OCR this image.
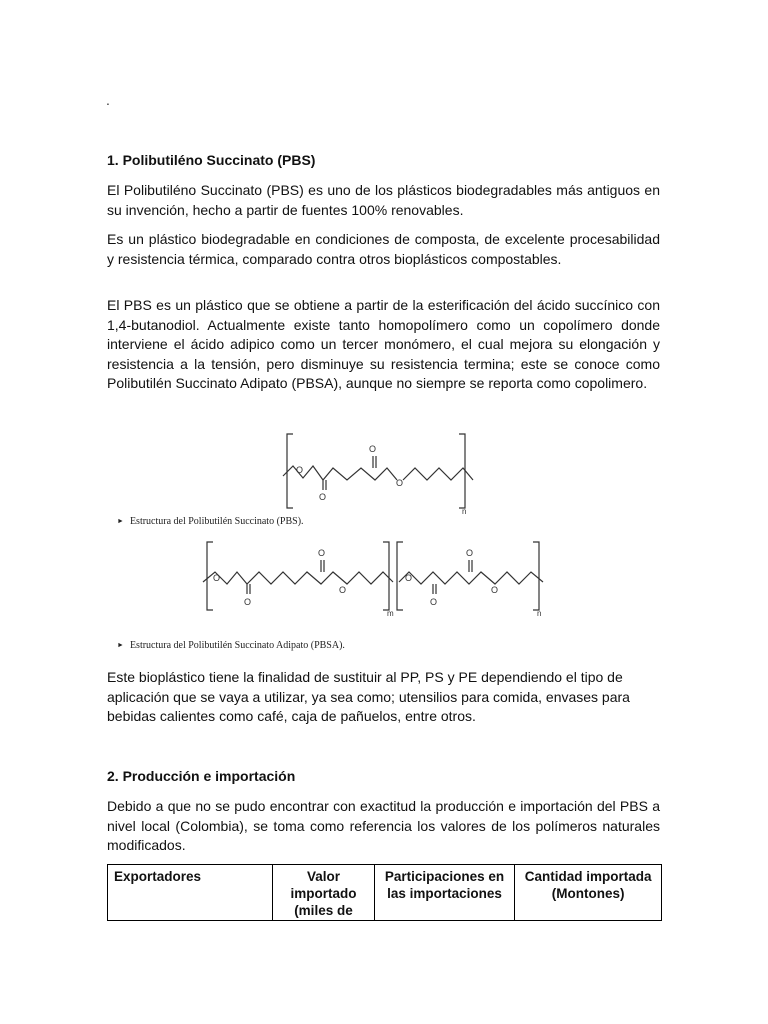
.
1. Polibutiléno Succinato (PBS)

El Polibutiléno Succinato (PBS) es uno de los plásticos biodegradables más antiguos en su invención, hecho a partir de fuentes 100% renovables.

Es un plástico biodegradable en condiciones de composta, de excelente procesabilidad y resistencia térmica, comparado contra otros bioplásticos compostables.

El PBS es un plástico que se obtiene a partir de la esterificación del ácido succínico con 1,4-butanodiol. Actualmente existe tanto homopolímero como un copolímero donde interviene el ácido adipico como un tercer monómero, el cual mejora su elongación y resistencia a la tensión, pero disminuye su resistencia termina; este se conoce como Polibutilén Succinato Adipato (PBSA), aunque no siempre se reporta como copolimero.

O
O
O
O
n
► Estructura del Polibutilén Succinato (PBS).
O
O
O
O
O
O
O
O
m	n
► Estructura del Polibutilén Succinato Adipato (PBSA).

Este bioplástico tiene la finalidad de sustituir al PP, PS y PE dependiendo el tipo de aplicación que se vaya a utilizar, ya sea como; utensilios para comida, envases para bebidas calientes como café, caja de pañuelos, entre otros.

2. Producción e importación

Debido a que no se pudo encontrar con exactitud la producción e importación del PBS a nivel local (Colombia), se toma como referencia los valores de los polímeros naturales modificados.

Exportadores	Valor importado (miles de	Participaciones en las importaciones	Cantidad importada (Montones)
